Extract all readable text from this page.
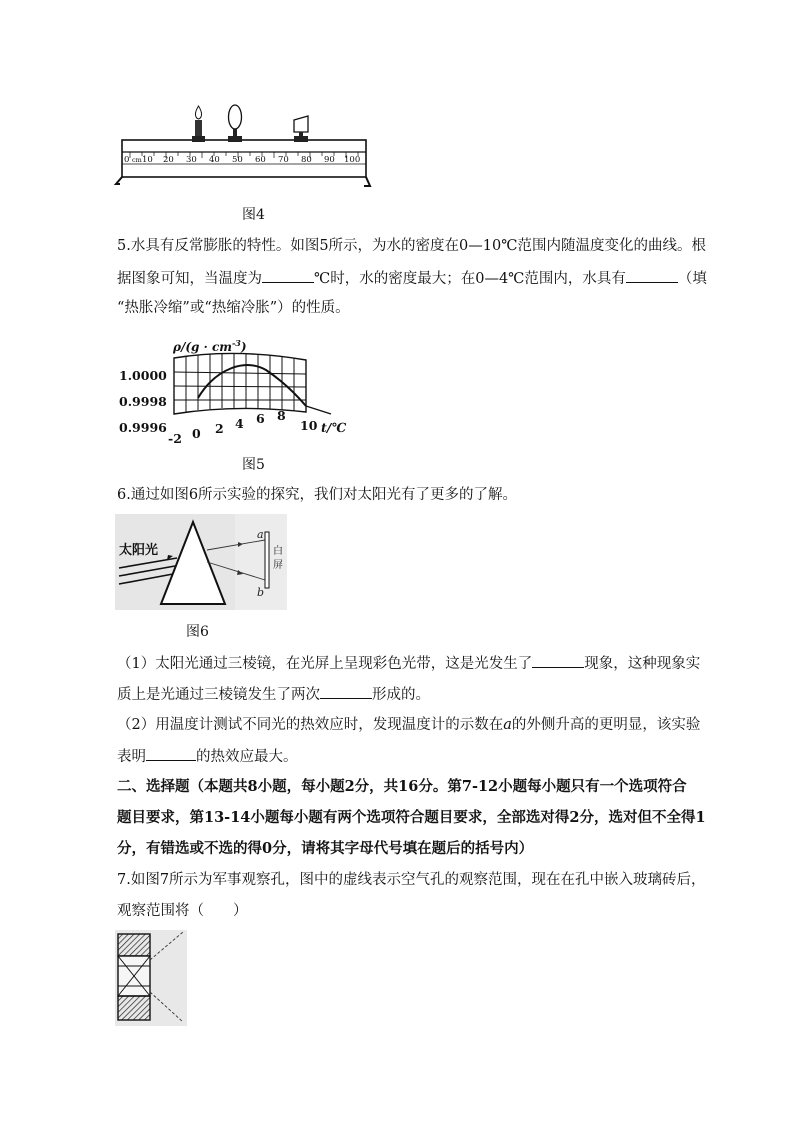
0 cm 10 20 30 40 50 60 70 80 90 100
图4
5.水具有反常膨胀的特性。如图5所示，为水的密度在0—10℃范围内随温度变化的曲线。根
据图象可知，当温度为	℃时，水的密度最大；在0—4℃范围内，水具有	（填
“热胀冷缩”或“热缩冷胀”）的性质。
$\rho/(g \cdot cm^{-3})$
1.0000
0.9998
0.9996
-2 0 2 4 6 8
10 t/℃
图5
6.通过如图6所示实验的探究，我们对太阳光有了更多的了解。
a
b
白
屏
太阳光
图6
（1）太阳光通过三棱镜，在光屏上呈现彩色光带，这是光发生了	现象，这种现象实
质上是光通过三棱镜发生了两次	形成的。
（2）用温度计测试不同光的热效应时，发现温度计的示数在a的外侧升高的更明显，该实验
表明	的热效应最大。
二、选择题（本题共8小题，每小题2分，共16分。第7-12小题每小题只有一个选项符合
题目要求，第13-14小题每小题有两个选项符合题目要求，全部选对得2分，选对但不全得1
分，有错选或不选的得0分，请将其字母代号填在题后的括号内）
7.如图7所示为军事观察孔，图中的虚线表示空气孔的观察范围，现在在孔中嵌入玻璃砖后，
观察范围将（　　）
